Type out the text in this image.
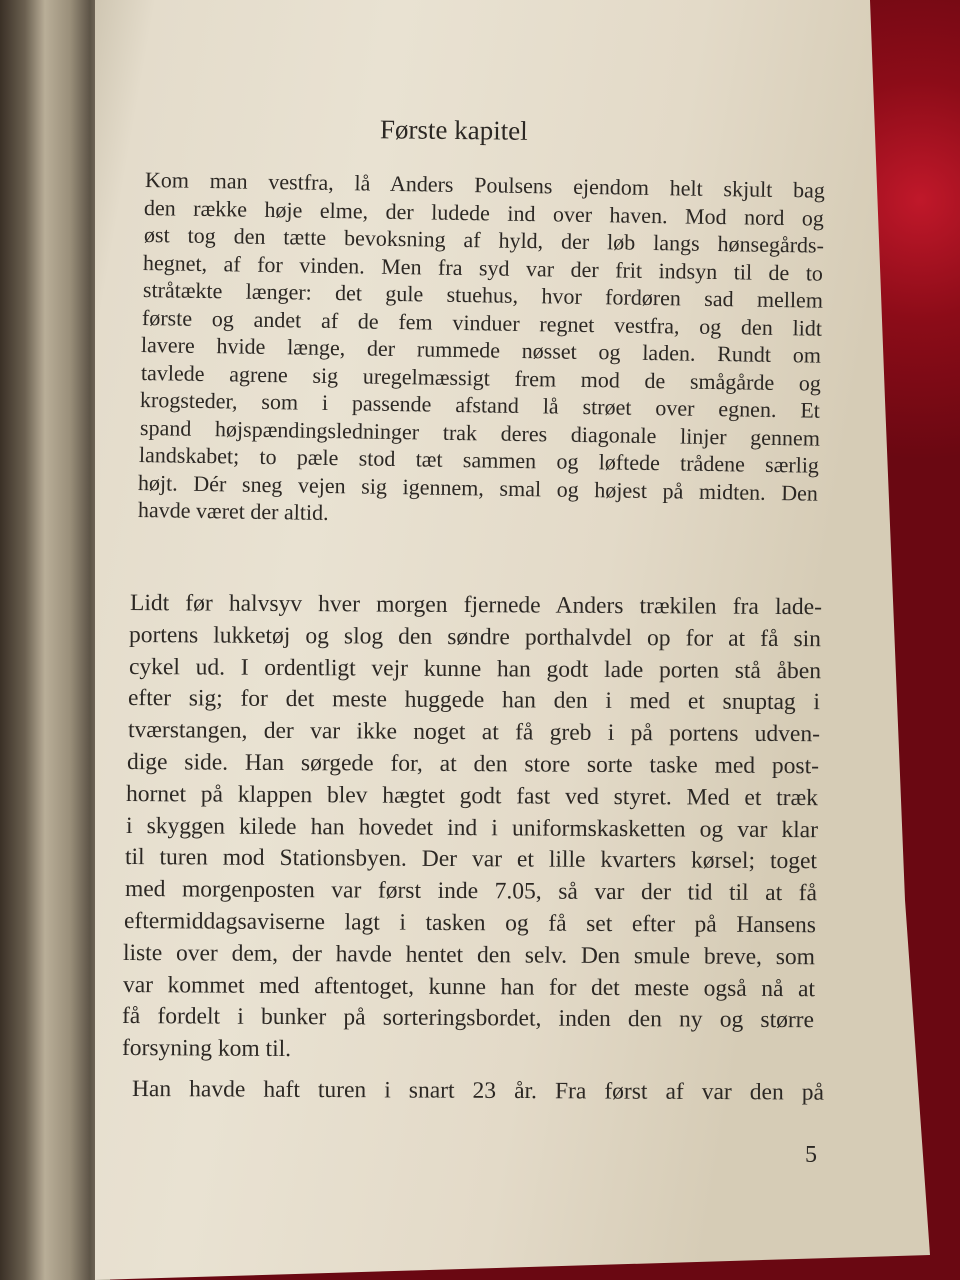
Første kapitel
Kom man vestfra, lå Anders Poulsens ejendom helt skjult bag
den række høje elme, der ludede ind over haven. Mod nord og
øst tog den tætte bevoksning af hyld, der løb langs hønsegårds-
hegnet, af for vinden. Men fra syd var der frit indsyn til de to
stråtækte længer: det gule stuehus, hvor fordøren sad mellem
første og andet af de fem vinduer regnet vestfra, og den lidt
lavere hvide længe, der rummede nøsset og laden. Rundt om
tavlede agrene sig uregelmæssigt frem mod de smågårde og
krogsteder, som i passende afstand lå strøet over egnen. Et
spand højspændingsledninger trak deres diagonale linjer gennem
landskabet; to pæle stod tæt sammen og løftede trådene særlig
højt. Dér sneg vejen sig igennem, smal og højest på midten. Den
havde været der altid.
Lidt før halvsyv hver morgen fjernede Anders trækilen fra lade-
portens lukketøj og slog den søndre porthalvdel op for at få sin
cykel ud. I ordentligt vejr kunne han godt lade porten stå åben
efter sig; for det meste huggede han den i med et snuptag i
tværstangen, der var ikke noget at få greb i på portens udven-
dige side. Han sørgede for, at den store sorte taske med post-
hornet på klappen blev hægtet godt fast ved styret. Med et træk
i skyggen kilede han hovedet ind i uniformskasketten og var klar
til turen mod Stationsbyen. Der var et lille kvarters kørsel; toget
med morgenposten var først inde 7.05, så var der tid til at få
eftermiddagsaviserne lagt i tasken og få set efter på Hansens
liste over dem, der havde hentet den selv. Den smule breve, som
var kommet med aftentoget, kunne han for det meste også nå at
få fordelt i bunker på sorteringsbordet, inden den ny og større
forsyning kom til.
Han havde haft turen i snart 23 år. Fra først af var den på
5
